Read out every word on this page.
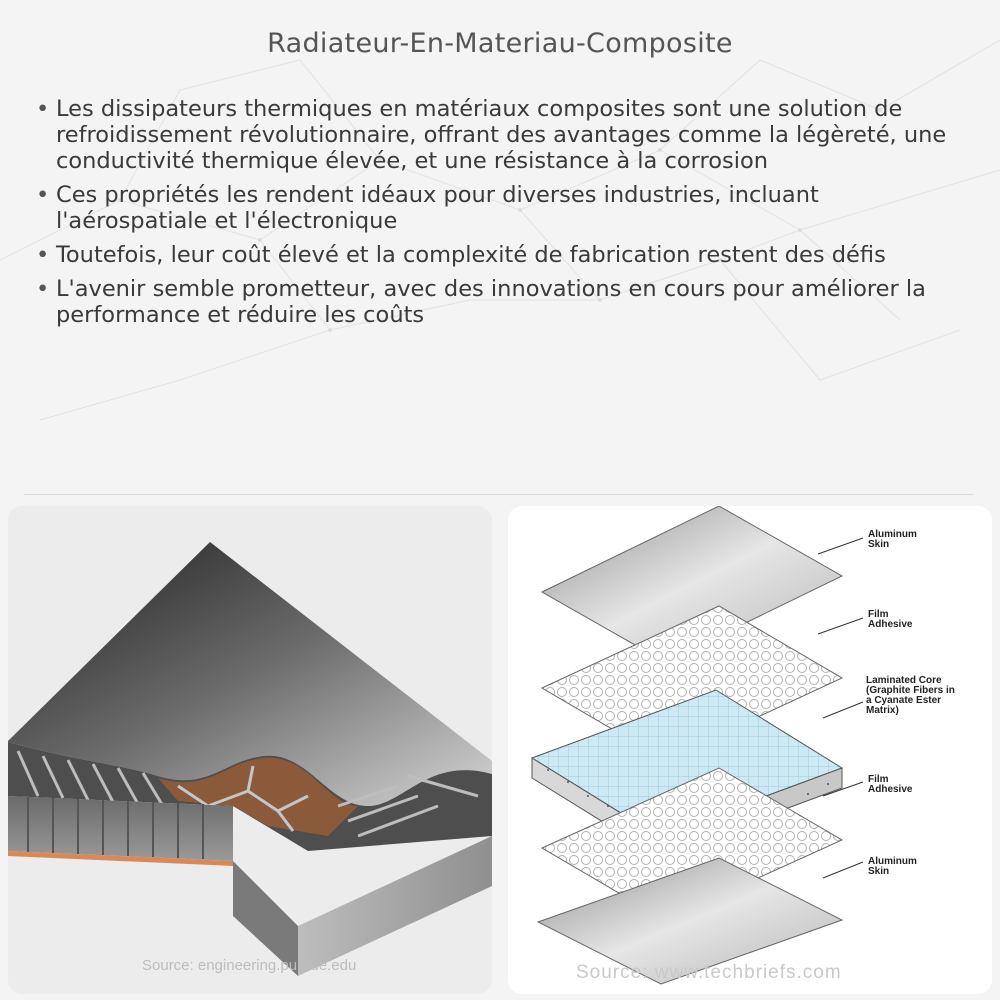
Radiateur-En-Materiau-Composite
• Les dissipateurs thermiques en matériaux composites sont une solution de refroidissement révolutionnaire, offrant des avantages comme la légèreté, une conductivité thermique élevée, et une résistance à la corrosion
• Ces propriétés les rendent idéaux pour diverses industries, incluant l'aérospatiale et l'électronique
• Toutefois, leur coût élevé et la complexité de fabrication restent des défis
• L'avenir semble prometteur, avec des innovations en cours pour améliorer la performance et réduire les coûts
Source: engineering.purdue.edu
Aluminum
Skin
Film
Adhesive
Laminated Core
(Graphite Fibers in
a Cyanate Ester
Matrix)
Film
Adhesive
Aluminum
Skin
Source: www.techbriefs.com
